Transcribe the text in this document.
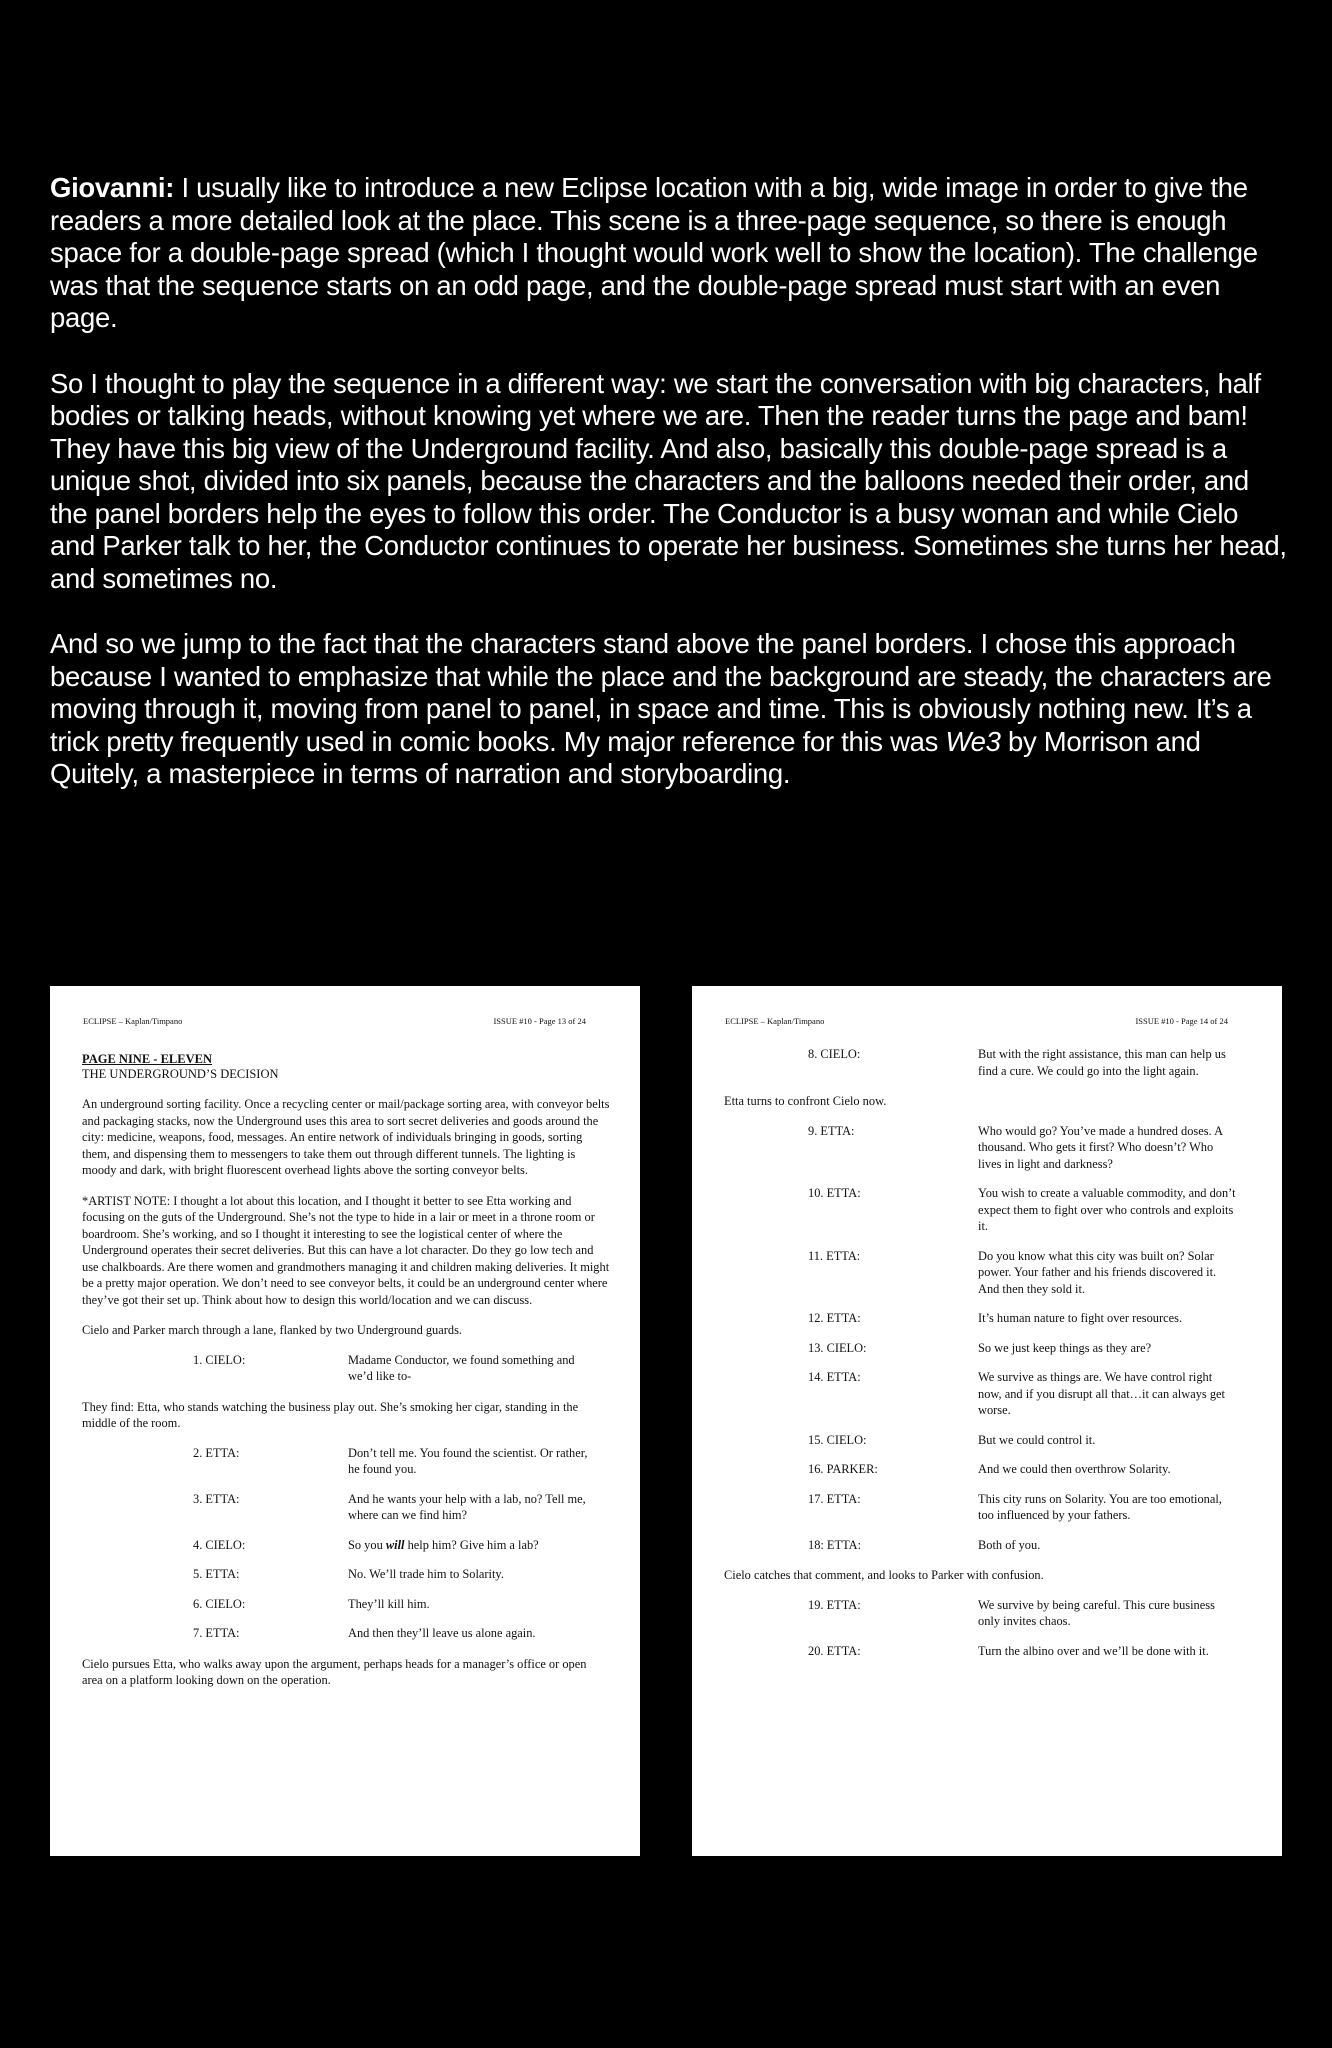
Giovanni: I usually like to introduce a new Eclipse location with a big, wide image in order to give the readers a more detailed look at the place. This scene is a three-page sequence, so there is enough space for a double-page spread (which I thought would work well to show the location). The challenge was that the sequence starts on an odd page, and the double-page spread must start with an even page.

So I thought to play the sequence in a different way: we start the conversation with big characters, half bodies or talking heads, without knowing yet where we are. Then the reader turns the page and bam! They have this big view of the Underground facility. And also, basically this double-page spread is a unique shot, divided into six panels, because the characters and the balloons needed their order, and the panel borders help the eyes to follow this order. The Conductor is a busy woman and while Cielo and Parker talk to her, the Conductor continues to operate her business. Sometimes she turns her head, and sometimes no.

And so we jump to the fact that the characters stand above the panel borders. I chose this approach because I wanted to emphasize that while the place and the background are steady, the characters are moving through it, moving from panel to panel, in space and time. This is obviously nothing new. It’s a trick pretty frequently used in comic books. My major reference for this was We3 by Morrison and Quitely, a masterpiece in terms of narration and storyboarding.

ECLIPSE – Kaplan/Timpano	ISSUE #10 - Page 13 of 24
PAGE NINE - ELEVEN
THE UNDERGROUND’S DECISION
An underground sorting facility. Once a recycling center or mail/package sorting area, with conveyor belts and packaging stacks, now the Underground uses this area to sort secret deliveries and goods around the city: medicine, weapons, food, messages. An entire network of individuals bringing in goods, sorting them, and dispensing them to messengers to take them out through different tunnels. The lighting is moody and dark, with bright fluorescent overhead lights above the sorting conveyor belts.
*ARTIST NOTE: I thought a lot about this location, and I thought it better to see Etta working and focusing on the guts of the Underground. She’s not the type to hide in a lair or meet in a throne room or boardroom. She’s working, and so I thought it interesting to see the logistical center of where the Underground operates their secret deliveries. But this can have a lot character. Do they go low tech and use chalkboards. Are there women and grandmothers managing it and children making deliveries. It might be a pretty major operation. We don’t need to see conveyor belts, it could be an underground center where they’ve got their set up. Think about how to design this world/location and we can discuss.
Cielo and Parker march through a lane, flanked by two Underground guards.
1. CIELO:	Madame Conductor, we found something and we’d like to-
They find: Etta, who stands watching the business play out. She’s smoking her cigar, standing in the middle of the room.
2. ETTA:	Don’t tell me. You found the scientist. Or rather, he found you.
3. ETTA:	And he wants your help with a lab, no? Tell me, where can we find him?
4. CIELO:	So you will help him? Give him a lab?
5. ETTA:	No. We’ll trade him to Solarity.
6. CIELO:	They’ll kill him.
7. ETTA:	And then they’ll leave us alone again.
Cielo pursues Etta, who walks away upon the argument, perhaps heads for a manager’s office or open area on a platform looking down on the operation.
ECLIPSE – Kaplan/Timpano	ISSUE #10 - Page 14 of 24
8. CIELO:	But with the right assistance, this man can help us find a cure. We could go into the light again.
Etta turns to confront Cielo now.
9. ETTA:	Who would go? You’ve made a hundred doses. A thousand. Who gets it first? Who doesn’t? Who lives in light and darkness?
10. ETTA:	You wish to create a valuable commodity, and don’t expect them to fight over who controls and exploits it.
11. ETTA:	Do you know what this city was built on? Solar power. Your father and his friends discovered it. And then they sold it.
12. ETTA:	It’s human nature to fight over resources.
13. CIELO:	So we just keep things as they are?
14. ETTA:	We survive as things are. We have control right now, and if you disrupt all that…it can always get worse.
15. CIELO:	But we could control it.
16. PARKER:	And we could then overthrow Solarity.
17. ETTA:	This city runs on Solarity. You are too emotional, too influenced by your fathers.
18: ETTA:	Both of you.
Cielo catches that comment, and looks to Parker with confusion.
19. ETTA:	We survive by being careful. This cure business only invites chaos.
20. ETTA:	Turn the albino over and we’ll be done with it.
